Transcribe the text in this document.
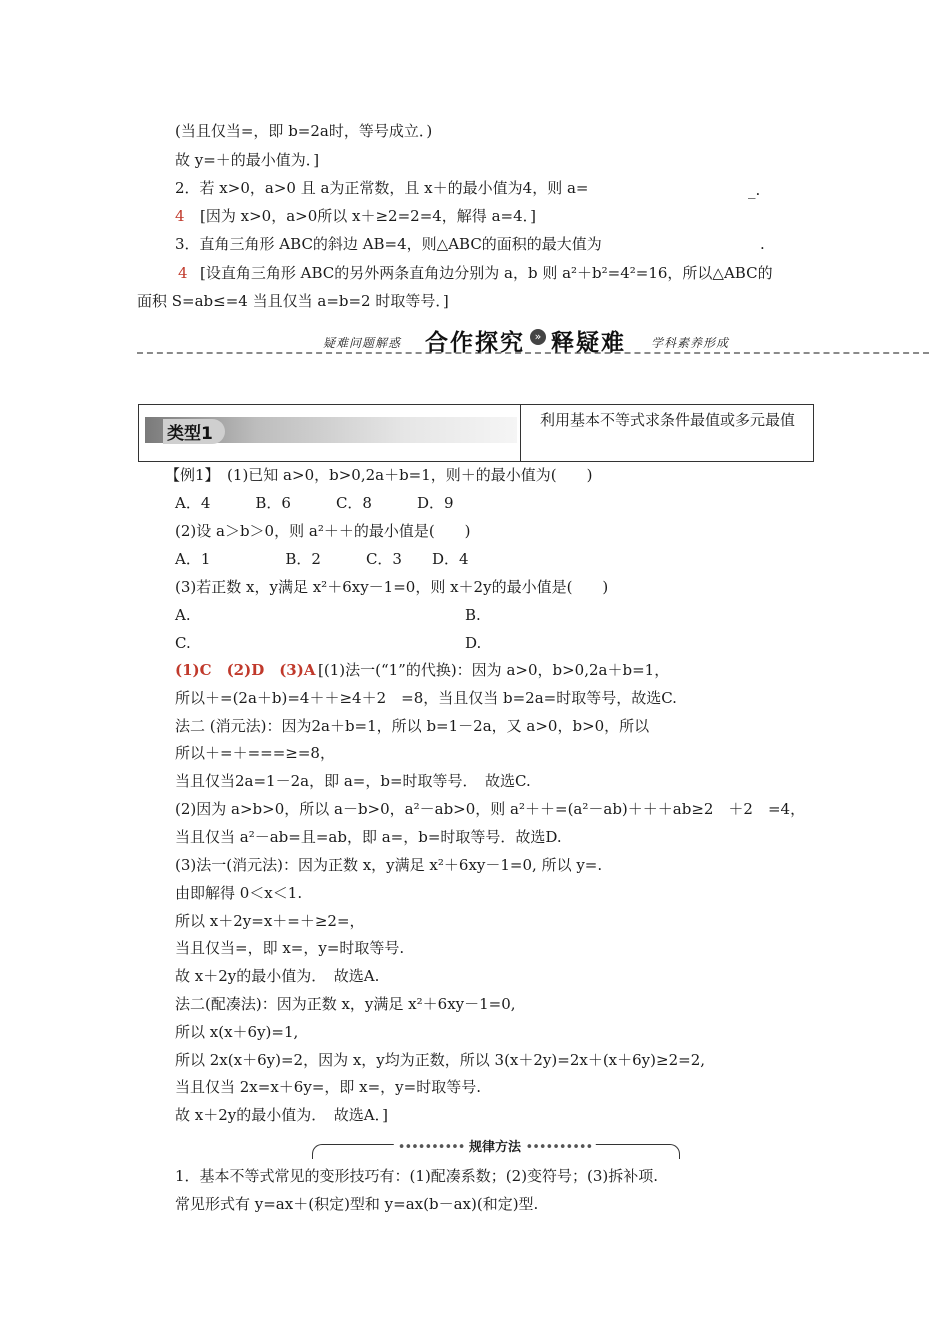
(当且仅当=，即 b=2a时，等号成立．)
故 y=＋的最小值为．]
2．若 x>0，a>0 且 a为正常数，且 x＋的最小值为4，则 a=	_.
4 [因为 x>0，a>0所以 x＋≥2=2=4，解得 a=4．]
3．直角三角形 ABC的斜边 AB=4，则△ABC的面积的最大值为	.
4 [设直角三角形 ABC的另外两条直角边分别为 a，b 则 a²＋b²=4²=16，所以△ABC的
面积 S=ab≤=4 当且仅当 a=b=2 时取等号．]
疑难问题解惑 合作探究 » 释疑难 学科素养形成
类型1
利用基本不等式求条件最值或多元最值
【例1】　(1)已知 a>0，b>0,2a＋b=1，则＋的最小值为(　　)
A．4　　　B．6　　　C．8　　　D．9
(2)设 a＞b＞0，则 a²＋＋的最小值是(　　)
A．1　　　　　B．2　　　C．3　　D．4
(3)若正数 x，y满足 x²＋6xy－1=0，则 x＋2y的最小值是(　　)
A.	B.
C.	D.
(1)C　(2)D　(3)A [(1)法一(“1”的代换)：因为 a>0，b>0,2a＋b=1，
所以＋=(2a＋b)=4＋＋≥4＋2　=8，当且仅当 b=2a=时取等号，故选C.
法二 (消元法)：因为2a＋b=1，所以 b=1－2a，又 a>0，b>0，所以
所以＋=＋===≥=8，
当且仅当2a=1－2a，即 a=，b=时取等号．　故选C.
(2)因为 a>b>0，所以 a－b>0，a²－ab>0，则 a²＋＋=(a²－ab)＋＋＋ab≥2　＋2　=4，
当且仅当 a²－ab=且=ab，即 a=，b=时取等号．故选D.
(3)法一(消元法)：因为正数 x，y满足 x²＋6xy－1=0, 所以 y=.
由即解得 0＜x＜1.
所以 x＋2y=x＋=＋≥2=，
当且仅当=，即 x=，y=时取等号.
故 x＋2y的最小值为．　故选A.
法二(配凑法)：因为正数 x，y满足 x²＋6xy－1=0,
所以 x(x＋6y)=1,
所以 2x(x＋6y)=2，因为 x，y均为正数，所以 3(x＋2y)=2x＋(x＋6y)≥2=2,
当且仅当 2x=x＋6y=，即 x=，y=时取等号.
故 x＋2y的最小值为．　故选A．]
•••••••••• 规律方法 ••••••••••
1．基本不等式常见的变形技巧有：(1)配凑系数；(2)变符号；(3)拆补项.
常见形式有 y=ax＋(积定)型和 y=ax(b－ax)(和定)型.
